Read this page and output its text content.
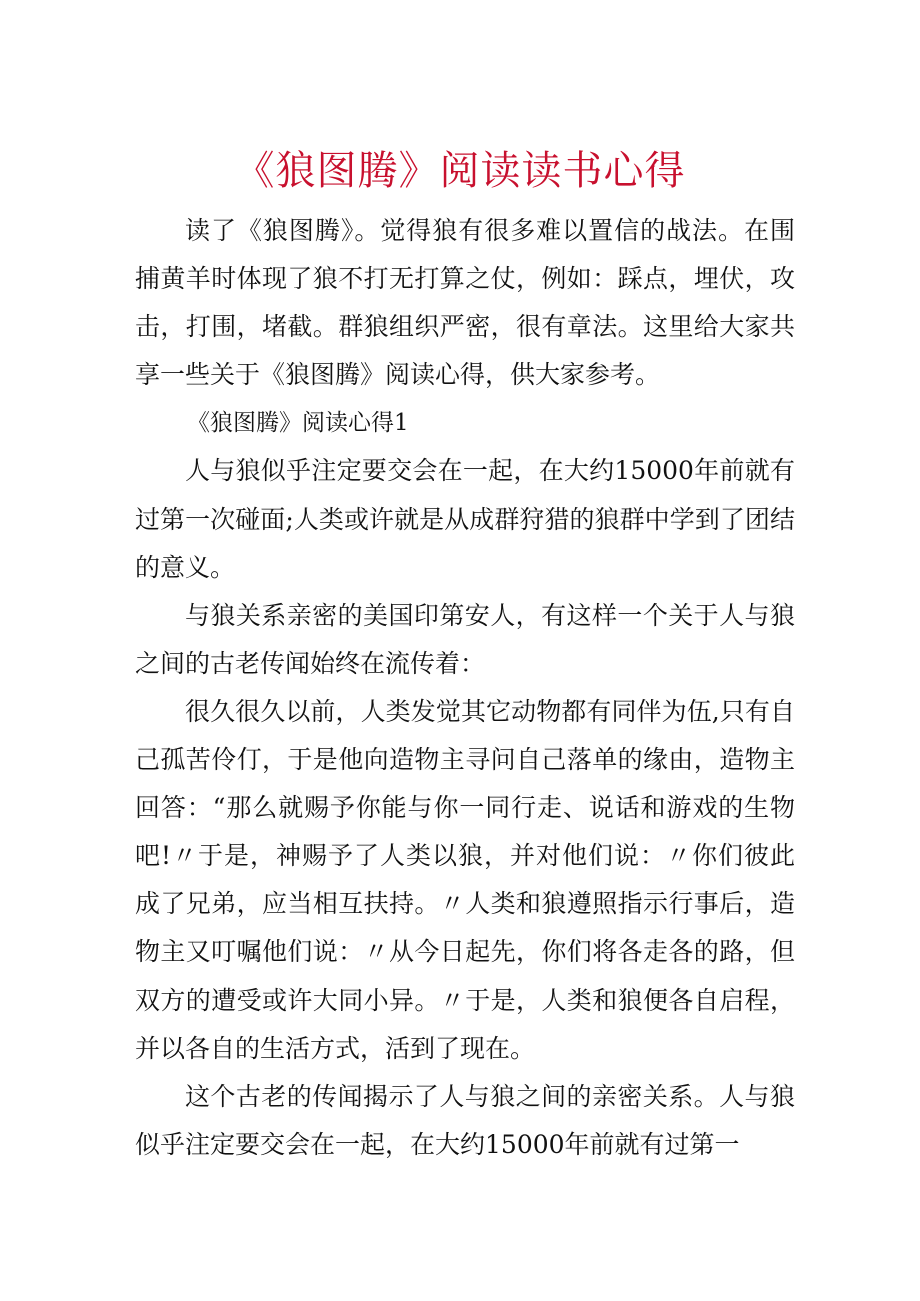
《狼图腾》阅读读书心得

读了《狼图腾》。觉得狼有很多难以置信的战法。在围捕黄羊时体现了狼不打无打算之仗，例如：踩点，埋伏，攻击，打围，堵截。群狼组织严密，很有章法。这里给大家共享一些关于《狼图腾》阅读心得，供大家参考。

《狼图腾》阅读心得1

人与狼似乎注定要交会在一起，在大约15000年前就有过第一次碰面;人类或许就是从成群狩猎的狼群中学到了团结的意义。

与狼关系亲密的美国印第安人，有这样一个关于人与狼之间的古老传闻始终在流传着：

很久很久以前，人类发觉其它动物都有同伴为伍,只有自己孤苦伶仃，于是他向造物主寻问自己落单的缘由，造物主回答：“那么就赐予你能与你一同行走、说话和游戏的生物吧!〃于是，神赐予了人类以狼，并对他们说：〃你们彼此成了兄弟，应当相互扶持。〃人类和狼遵照指示行事后，造物主又叮嘱他们说：〃从今日起先，你们将各走各的路，但双方的遭受或许大同小异。〃于是，人类和狼便各自启程，并以各自的生活方式，活到了现在。

这个古老的传闻揭示了人与狼之间的亲密关系。人与狼似乎注定要交会在一起，在大约15000年前就有过第一
